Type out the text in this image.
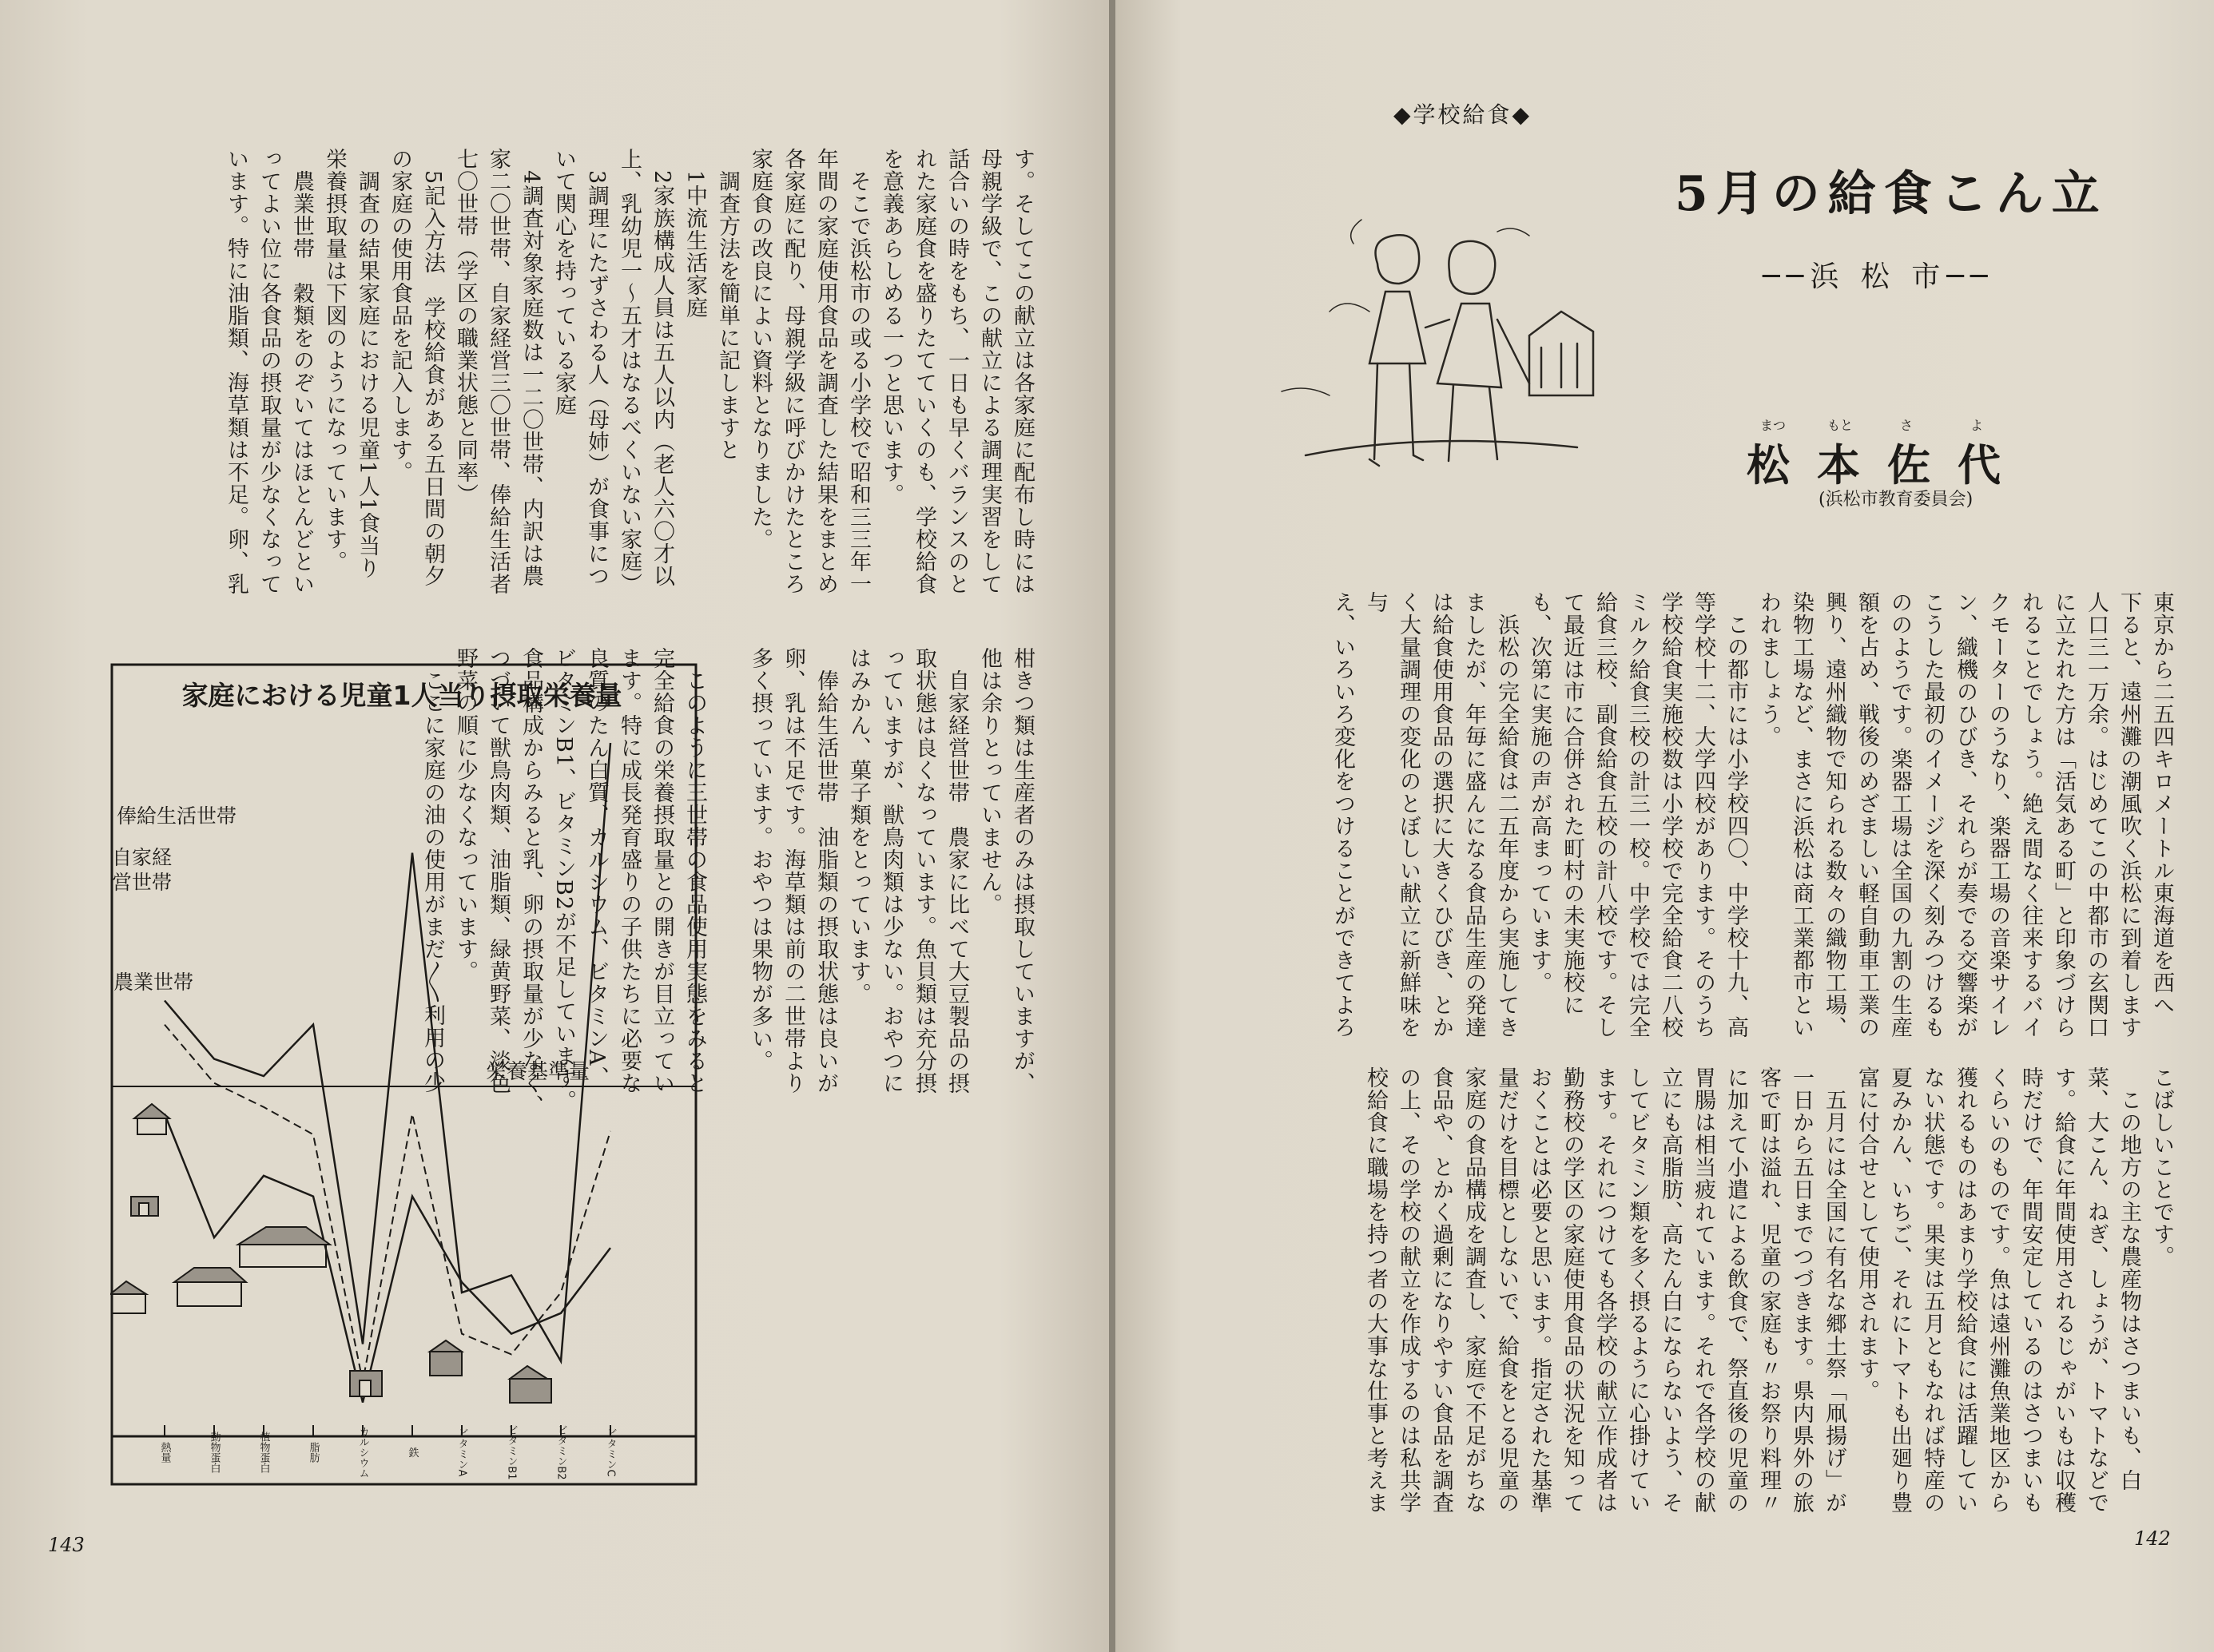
す。そしてこの献立は各家庭に配布し時には
母親学級で、この献立による調理実習をして
話合いの時をもち、一日も早くバランスのと
れた家庭食を盛りたてていくのも、学校給食
を意義あらしめる一つと思います。
　そこで浜松市の或る小学校で昭和三三年一
年間の家庭使用食品を調査した結果をまとめ
各家庭に配り、母親学級に呼びかけたところ
家庭食の改良によい資料となりました。
　調査方法を簡単に記しますと
　1中流生活家庭
　2家族構成人員は五人以内（老人六〇才以
上、乳幼児一〜五才はなるべくいない家庭）
　3調理にたずさわる人（母姉）が食事につ
いて関心を持っている家庭
　4調査対象家庭数は一二〇世帯、内訳は農
家二〇世帯、自家経営三〇世帯、俸給生活者
七〇世帯（学区の職業状態と同率）
　5記入方法　学校給食がある五日間の朝夕
の家庭の使用食品を記入します。
　調査の結果家庭における児童1人1食当り
栄養摂取量は下図のようになっています。
　農業世帯　穀類をのぞいてはほとんどとい
ってよい位に各食品の摂取量が少なくなって
います。特に油脂類、海草類は不足。卵、乳
柑きつ類は生産者のみは摂取していますが、
他は余りとっていません。
　自家経営世帯　農家に比べて大豆製品の摂
取状態は良くなっています。魚貝類は充分摂
っていますが、獣鳥肉類は少ない。おやつに
はみかん、菓子類をとっています。
　俸給生活世帯　油脂類の摂取状態は良いが
卵、乳は不足です。海草類は前の二世帯より
多く摂っています。おやつは果物が多い。

　このように三世帯の食品使用実態をみると
完全給食の栄養摂取量との開きが目立ってい
ます。特に成長発育盛りの子供たちに必要な
良質のたん白質、カルシウム、ビタミンA、
ビタミンB1、ビタミンB2が不足しています。
食品構成からみると乳、卵の摂取量が少なく、
つづいて獣鳥肉類、油脂類、緑黄野菜、淡色
野菜の順に少なくなっています。
　ここに家庭の油の使用がまだ〳〵利用の少
家庭における児童1人当り摂取栄養量
熱量	動物蛋白	植物蛋白	脂肪	カルシウム	鉄	ビタミンA	ビタミンB1	ビタミンB2	ビタミンC
栄養基準量
俸給生活世帯
自家経
営世帯
農業世帯
143
◆学校給食◆
5月の給食こん立
──浜 松 市──
まつ	もと	さ	よ
松本佐代
(浜松市教育委員会)
東京から二五四キロメートル東海道を西へ
下ると、遠州灘の潮風吹く浜松に到着します
人口三一万余。はじめてこの中都市の玄関口
に立たれた方は「活気ある町」と印象づけら
れることでしょう。絶え間なく往来するバイ
クモーターのうなり、楽器工場の音楽サイレ
ン、織機のひびき、それらが奏でる交響楽が
こうした最初のイメージを深く刻みつけるも
ののようです。楽器工場は全国の九割の生産
額を占め、戦後のめざましい軽自動車工業の
興り、遠州織物で知られる数々の織物工場、
染物工場など、まさに浜松は商工業都市とい
われましょう。
　この都市には小学校四〇、中学校十九、高
等学校十二、大学四校があります。そのうち
学校給食実施校数は小学校で完全給食二八校
ミルク給食三校の計三一校。中学校では完全
給食三校、副食給食五校の計八校です。そし
て最近は市に合併された町村の未実施校に
も、次第に実施の声が高まっています。
　浜松の完全給食は二五年度から実施してき
ましたが、年毎に盛んになる食品生産の発達
は給食使用食品の選択に大きくひびき、とか
く大量調理の変化のとぼしい献立に新鮮味を与
え、いろいろ変化をつけることができてよろ
こばしいことです。
　この地方の主な農産物はさつまいも、白
菜、大こん、ねぎ、しょうが、トマトなどで
す。給食に年間使用されるじゃがいもは収穫
時だけで、年間安定しているのはさつまいも
くらいのものです。魚は遠州灘魚業地区から
獲れるものはあまり学校給食には活躍してい
ない状態です。果実は五月ともなれば特産の
夏みかん、いちご、それにトマトも出廻り豊
富に付合せとして使用されます。
　五月には全国に有名な郷土祭「凧揚げ」が
一日から五日までつづきます。県内県外の旅
客で町は溢れ、児童の家庭も〃お祭り料理〃
に加えて小遣による飲食で、祭直後の児童の
胃腸は相当疲れています。それで各学校の献
立にも高脂肪、高たん白にならないよう、そ
してビタミン類を多く摂るように心掛けてい
ます。それにつけても各学校の献立作成者は
勤務校の学区の家庭使用食品の状況を知って
おくことは必要と思います。指定された基準
量だけを目標としないで、給食をとる児童の
家庭の食品構成を調査し、家庭で不足がちな
食品や、とかく過剰になりやすい食品を調査
の上、その学校の献立を作成するのは私共学
校給食に職場を持つ者の大事な仕事と考えま
142
